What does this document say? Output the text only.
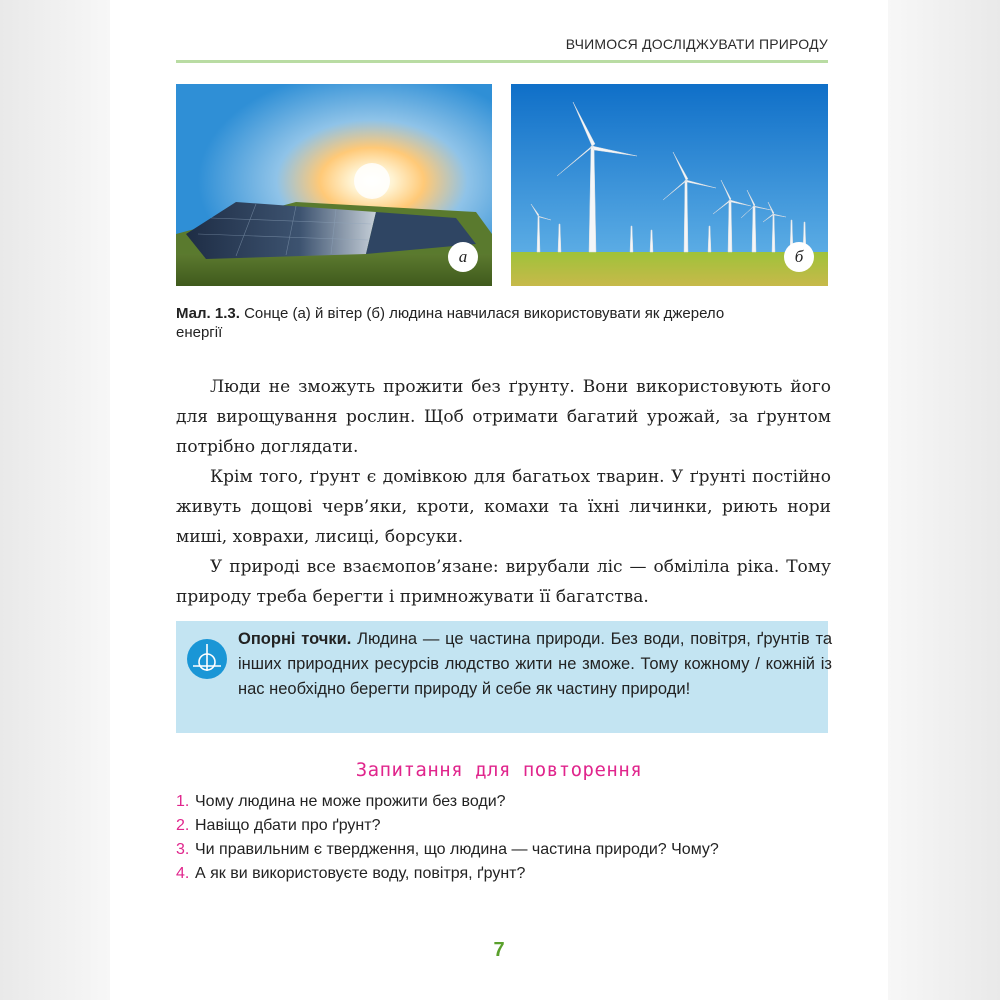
ВЧИМОСЯ ДОСЛІДЖУВАТИ ПРИРОДУ
а	б
Мал. 1.3. Сонце (а) й вітер (б) людина навчилася використовувати як джерело
енергії

Люди не зможуть прожити без ґрунту. Вони використовують його для вирощування рослин. Щоб отримати багатий урожай, за ґрунтом потрібно доглядати.

Крім того, ґрунт є домівкою для багатьох тварин. У ґрунті постійно живуть дощові черв’яки, кроти, комахи та їхні личинки, риють нори миші, ховрахи, лисиці, борсуки.

У природі все взаємопов’язане: вирубали ліс — обміліла ріка. Тому природу треба берегти і примножувати її багатства.

Опорні точки. Людина — це частина природи. Без води, повітря, ґрунтів та інших природних ресурсів людство жити не зможе. Тому кожному / кожній із нас необхідно берегти природу й себе як частину природи!
Запитання для повторення
1. Чому людина не може прожити без води?
2. Навіщо дбати про ґрунт?
3. Чи правильним є твердження, що людина — частина природи? Чому?
4. А як ви використовуєте воду, повітря, ґрунт?
7
